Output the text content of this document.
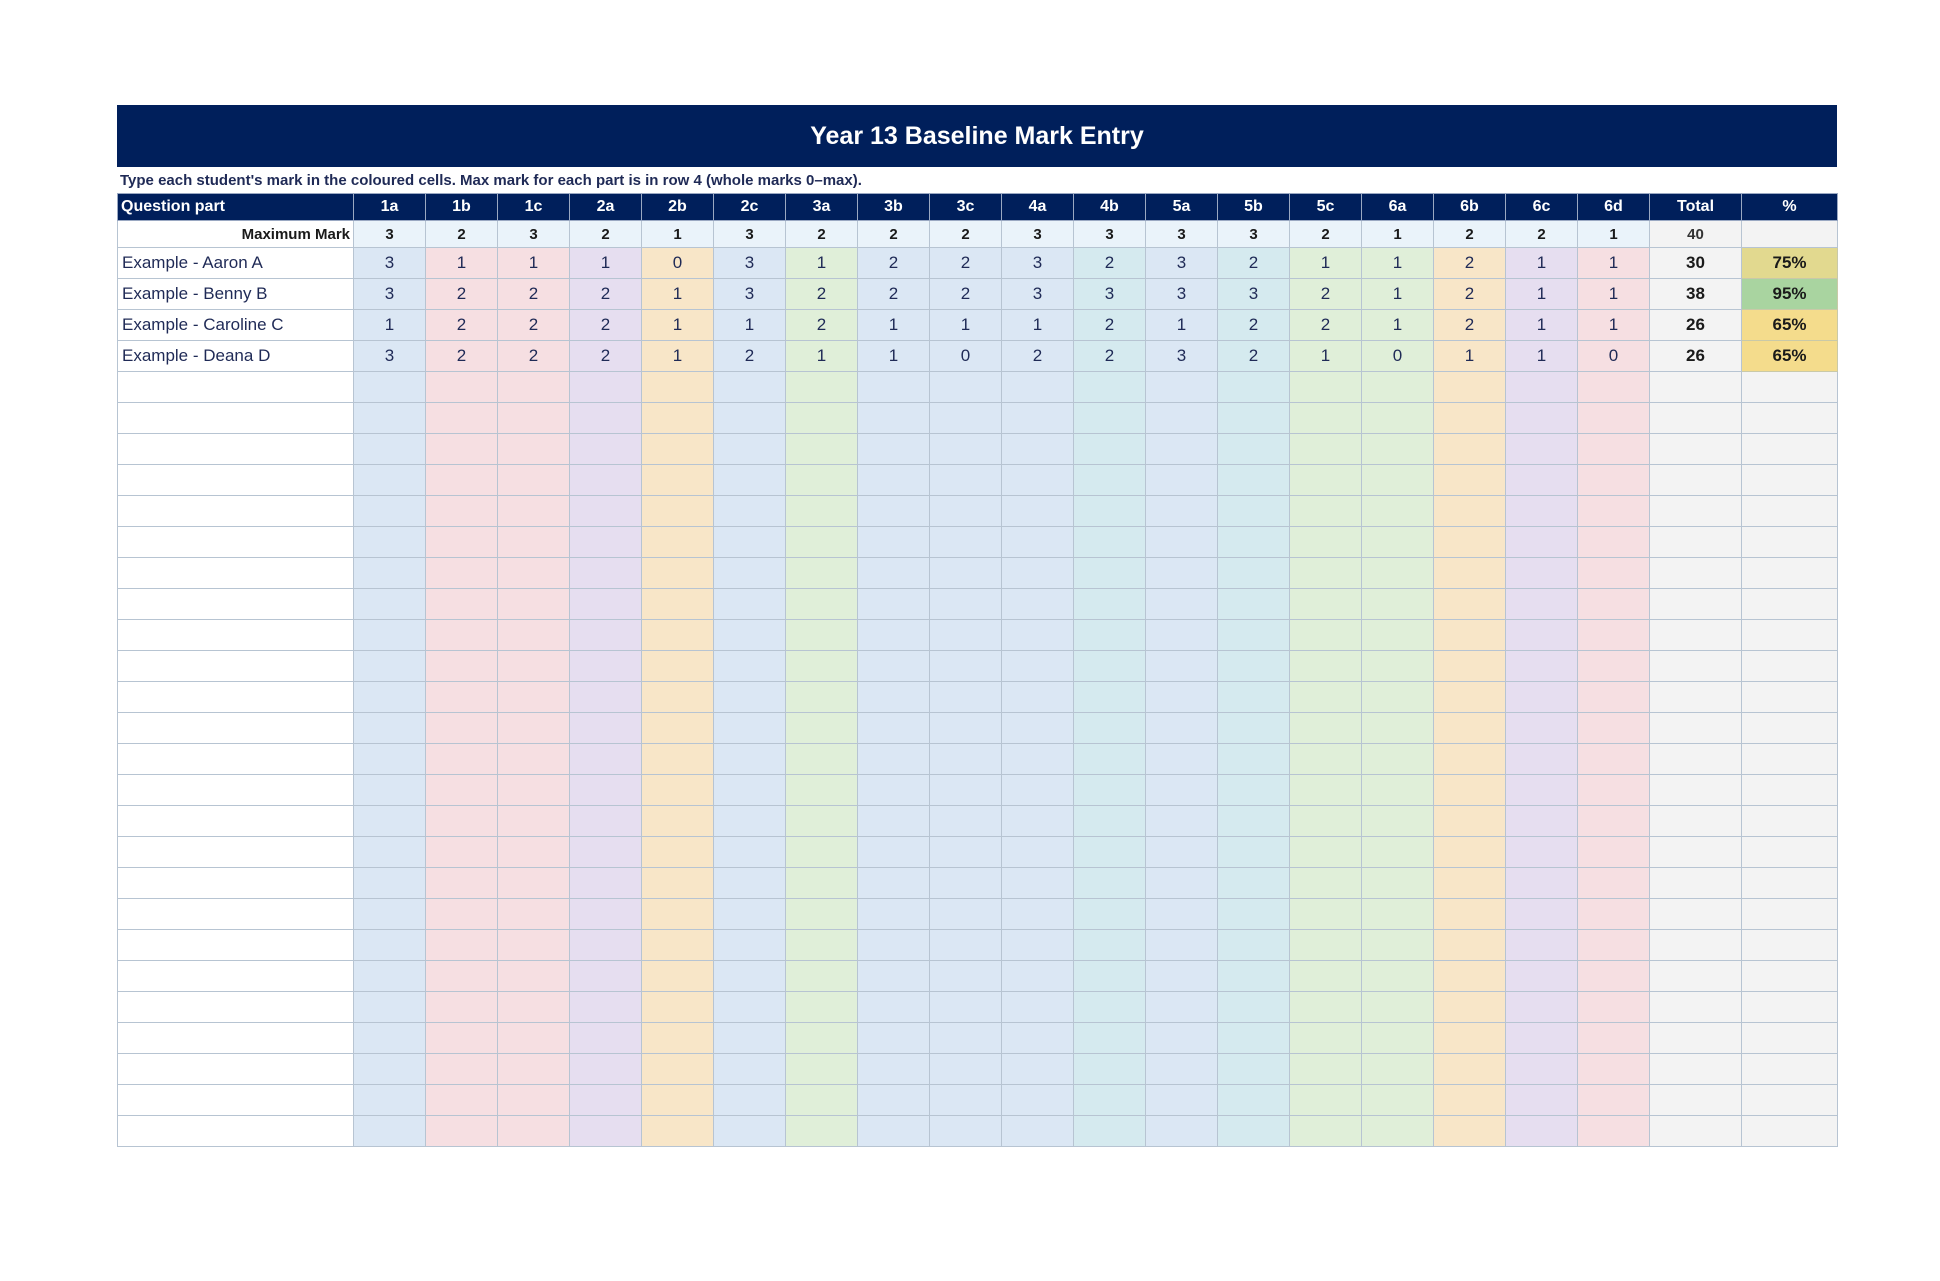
Year 13 Baseline Mark Entry
Type each student's mark in the coloured cells. Max mark for each part is in row 4 (whole marks 0–max).
Question part	1a	1b	1c	2a	2b	2c	3a	3b	3c	4a	4b	5a	5b	5c	6a	6b	6c	6d	Total	%
Maximum Mark	3	2	3	2	1	3	2	2	2	3	3	3	3	2	1	2	2	1	40	
Example - Aaron A	3	1	1	1	0	3	1	2	2	3	2	3	2	1	1	2	1	1	30	75%
Example - Benny B	3	2	2	2	1	3	2	2	2	3	3	3	3	2	1	2	1	1	38	95%
Example - Caroline C	1	2	2	2	1	1	2	1	1	1	2	1	2	2	1	2	1	1	26	65%
Example - Deana D	3	2	2	2	1	2	1	1	0	2	2	3	2	1	0	1	1	0	26	65%
